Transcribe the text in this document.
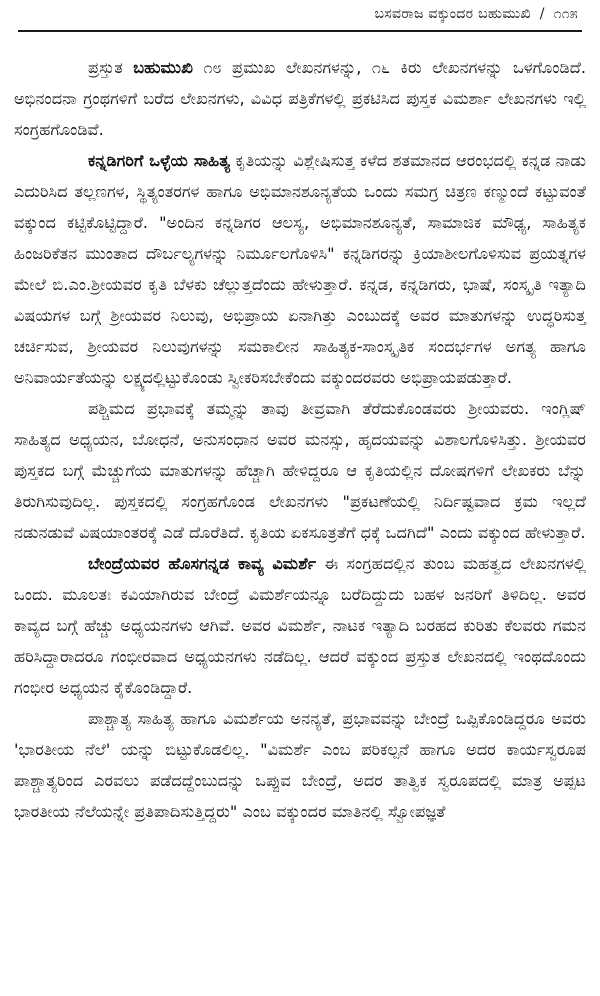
ಬಸವರಾಜ ವಕ್ಕುಂದರ ಬಹುಮುಖಿ / ೧೧೫

ಪ್ರಸ್ತುತ ಬಹುಮುಖಿ ೧೮ ಪ್ರಮುಖ ಲೇಖನಗಳನ್ನು, ೧೬ ಕಿರು ಲೇಖನಗಳನ್ನು ಒಳಗೊಂಡಿದೆ. ಅಭಿನಂದನಾ ಗ್ರಂಥಗಳಿಗೆ ಬರೆದ ಲೇಖನಗಳು, ವಿವಿಧ ಪತ್ರಿಕೆಗಳಲ್ಲಿ ಪ್ರಕಟಿಸಿದ ಪುಸ್ತಕ ವಿಮರ್ಶಾ ಲೇಖನಗಳು ಇಲ್ಲಿ ಸಂಗ್ರಹಗೊಂಡಿವೆ.

ಕನ್ನಡಿಗರಿಗೆ ಒಳ್ಳೆಯ ಸಾಹಿತ್ಯ ಕೃತಿಯನ್ನು ವಿಶ್ಲೇಷಿಸುತ್ತ ಕಳೆದ ಶತಮಾನದ ಆರಂಭದಲ್ಲಿ ಕನ್ನಡ ನಾಡು ಎದುರಿಸಿದ ತಲ್ಲಣಗಳ, ಸ್ಥಿತ್ಯಂತರಗಳ ಹಾಗೂ ಅಭಿಮಾನಶೂನ್ಯತೆಯ ಒಂದು ಸಮಗ್ರ ಚಿತ್ರಣ ಕಣ್ಮುಂದೆ ಕಟ್ಟುವಂತೆ ವಕ್ಕುಂದ ಕಟ್ಟಿಕೊಟ್ಟಿದ್ದಾರೆ. "ಅಂದಿನ ಕನ್ನಡಿಗರ ಆಲಸ್ಯ, ಅಭಿಮಾನಶೂನ್ಯತೆ, ಸಾಮಾಜಿಕ ಮೌಢ್ಯ, ಸಾಹಿತ್ಯಕ ಹಿಂಜರಿಕೆತನ ಮುಂತಾದ ದೌರ್ಬಲ್ಯಗಳನ್ನು ನಿರ್ಮೂಲಗೊಳಿಸಿ" ಕನ್ನಡಿಗರನ್ನು ಕ್ರಿಯಾಶೀಲಗೊಳಿಸುವ ಪ್ರಯತ್ನಗಳ ಮೇಲೆ ಬಿ.ಎಂ.ಶ್ರೀಯವರ ಕೃತಿ ಬೆಳಕು ಚೆಲ್ಲುತ್ತದೆಂದು ಹೇಳುತ್ತಾರೆ. ಕನ್ನಡ, ಕನ್ನಡಿಗರು, ಭಾಷೆ, ಸಂಸ್ಕೃತಿ ಇತ್ಯಾದಿ ವಿಷಯಗಳ ಬಗ್ಗೆ ಶ್ರೀಯವರ ನಿಲುವು, ಅಭಿಪ್ರಾಯ ಏನಾಗಿತ್ತು ಎಂಬುದಕ್ಕೆ ಅವರ ಮಾತುಗಳನ್ನು ಉದ್ಧರಿಸುತ್ತ ಚರ್ಚಿಸುವ, ಶ್ರೀಯವರ ನಿಲುವುಗಳನ್ನು ಸಮಕಾಲೀನ ಸಾಹಿತ್ಯಕ-ಸಾಂಸ್ಕೃತಿಕ ಸಂದರ್ಭಗಳ ಅಗತ್ಯ ಹಾಗೂ ಅನಿವಾರ್ಯತೆಯನ್ನು ಲಕ್ಷ್ಯದಲ್ಲಿಟ್ಟುಕೊಂಡು ಸ್ವೀಕರಿಸಬೇಕೆಂದು ವಕ್ಕುಂದರವರು ಅಭಿಪ್ರಾಯಪಡುತ್ತಾರೆ.

ಪಶ್ಚಿಮದ ಪ್ರಭಾವಕ್ಕೆ ತಮ್ಮನ್ನು ತಾವು ತೀವ್ರವಾಗಿ ತೆರೆದುಕೊಂಡವರು ಶ್ರೀಯವರು. ಇಂಗ್ಲಿಷ್ ಸಾಹಿತ್ಯದ ಅಧ್ಯಯನ, ಬೋಧನೆ, ಅನುಸಂಧಾನ ಅವರ ಮನಸ್ಸು, ಹೃದಯವನ್ನು ವಿಶಾಲಗೊಳಿಸಿತ್ತು. ಶ್ರೀಯವರ ಪುಸ್ತಕದ ಬಗ್ಗೆ ಮೆಚ್ಚುಗೆಯ ಮಾತುಗಳನ್ನು ಹೆಚ್ಚಾಗಿ ಹೇಳಿದ್ದರೂ ಆ ಕೃತಿಯಲ್ಲಿನ ದೋಷಗಳಿಗೆ ಲೇಖಕರು ಬೆನ್ನು ತಿರುಗಿಸುವುದಿಲ್ಲ. ಪುಸ್ತಕದಲ್ಲಿ ಸಂಗ್ರಹಗೊಂಡ ಲೇಖನಗಳು "ಪ್ರಕಟಣೆಯಲ್ಲಿ ನಿರ್ದಿಷ್ಟವಾದ ಕ್ರಮ ಇಲ್ಲದೆ ನಡುನಡುವೆ ವಿಷಯಾಂತರಕ್ಕೆ ಎಡೆ ದೊರೆತಿದೆ. ಕೃತಿಯ ಏಕಸೂತ್ರತೆಗೆ ಧಕ್ಕೆ ಒದಗಿದೆ" ಎಂದು ವಕ್ಕುಂದ ಹೇಳುತ್ತಾರೆ.

ಬೇಂದ್ರೆಯವರ ಹೊಸಗನ್ನಡ ಕಾವ್ಯ ವಿಮರ್ಶೆ ಈ ಸಂಗ್ರಹದಲ್ಲಿನ ತುಂಬ ಮಹತ್ವದ ಲೇಖನಗಳಲ್ಲಿ ಒಂದು. ಮೂಲತಃ ಕವಿಯಾಗಿರುವ ಬೇಂದ್ರೆ ವಿಮರ್ಶೆಯನ್ನೂ ಬರೆದಿದ್ದುದು ಬಹಳ ಜನರಿಗೆ ತಿಳಿದಿಲ್ಲ. ಅವರ ಕಾವ್ಯದ ಬಗ್ಗೆ ಹೆಚ್ಚು ಅಧ್ಯಯನಗಳು ಆಗಿವೆ. ಅವರ ವಿಮರ್ಶೆ, ನಾಟಕ ಇತ್ಯಾದಿ ಬರಹದ ಕುರಿತು ಕೆಲವರು ಗಮನ ಹರಿಸಿದ್ದಾರಾದರೂ ಗಂಭೀರವಾದ ಅಧ್ಯಯನಗಳು ನಡೆದಿಲ್ಲ. ಆದರೆ ವಕ್ಕುಂದ ಪ್ರಸ್ತುತ ಲೇಖನದಲ್ಲಿ ಇಂಥದೊಂದು ಗಂಭೀರ ಅಧ್ಯಯನ ಕೈಕೊಂಡಿದ್ದಾರೆ.

ಪಾಶ್ಚಾತ್ಯ ಸಾಹಿತ್ಯ ಹಾಗೂ ವಿಮರ್ಶೆಯ ಅನನ್ಯತೆ, ಪ್ರಭಾವವನ್ನು ಬೇಂದ್ರೆ ಒಪ್ಪಿಕೊಂಡಿದ್ದರೂ ಅವರು 'ಭಾರತೀಯ ನೆಲೆ' ಯನ್ನು ಬಿಟ್ಟುಕೊಡಲಿಲ್ಲ. "ವಿಮರ್ಶೆ ಎಂಬ ಪರಿಕಲ್ಪನೆ ಹಾಗೂ ಅದರ ಕಾರ್ಯಸ್ವರೂಪ ಪಾಶ್ಚಾತ್ಯರಿಂದ ಎರವಲು ಪಡೆದದ್ದೆಂಬುದನ್ನು ಒಪ್ಪುವ ಬೇಂದ್ರೆ, ಅದರ ತಾತ್ವಿಕ ಸ್ವರೂಪದಲ್ಲಿ ಮಾತ್ರ ಅಪ್ಪಟ ಭಾರತೀಯ ನೆಲೆಯನ್ನೇ ಪ್ರತಿಪಾದಿಸುತ್ತಿದ್ದರು" ಎಂಬ ವಕ್ಕುಂದರ ಮಾತಿನಲ್ಲಿ ಸ್ವೋಪಜ್ಞತೆ
